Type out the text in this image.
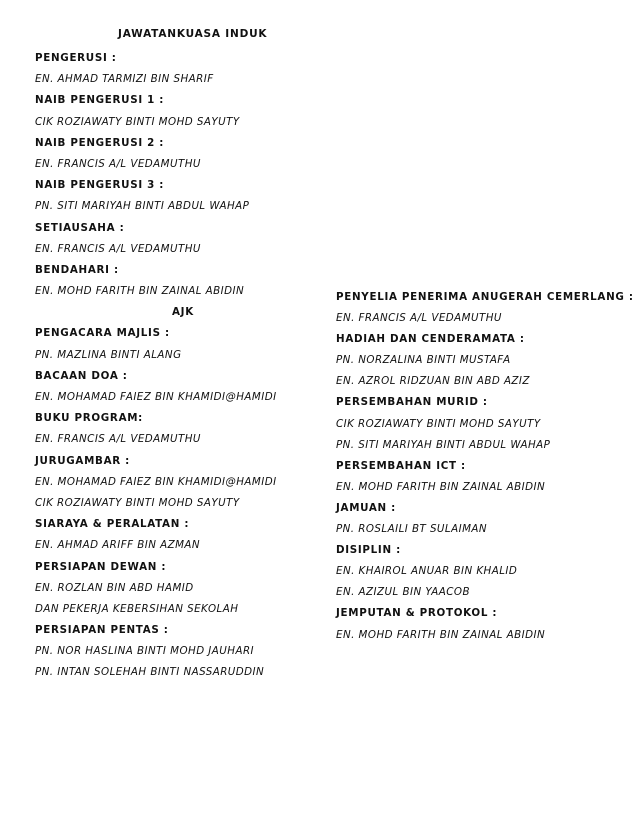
JAWATANKUASA INDUK
PENGERUSI :
EN. AHMAD TARMIZI BIN SHARIF
NAIB PENGERUSI 1 :
CIK ROZIAWATY BINTI MOHD SAYUTY
NAIB PENGERUSI 2 :
EN. FRANCIS A/L VEDAMUTHU
NAIB PENGERUSI 3 :
PN. SITI MARIYAH BINTI ABDUL WAHAP
SETIAUSAHA :
EN. FRANCIS A/L VEDAMUTHU
BENDAHARI :
EN. MOHD FARITH BIN ZAINAL ABIDIN
AJK
PENGACARA MAJLIS :
PN. MAZLINA BINTI ALANG
BACAAN DOA :
EN. MOHAMAD FAIEZ BIN KHAMIDI@HAMIDI
BUKU PROGRAM:
EN. FRANCIS A/L VEDAMUTHU
JURUGAMBAR :
EN. MOHAMAD FAIEZ BIN KHAMIDI@HAMIDI
CIK ROZIAWATY BINTI MOHD SAYUTY
SIARAYA & PERALATAN :
EN. AHMAD ARIFF BIN AZMAN
PERSIAPAN DEWAN :
EN. ROZLAN BIN ABD HAMID
DAN PEKERJA KEBERSIHAN SEKOLAH
PERSIAPAN PENTAS :
PN. NOR HASLINA BINTI MOHD JAUHARI
PN. INTAN SOLEHAH BINTI NASSARUDDIN
PENYELIA PENERIMA ANUGERAH CEMERLANG :
EN. FRANCIS A/L VEDAMUTHU
HADIAH DAN CENDERAMATA :
PN. NORZALINA BINTI MUSTAFA
EN. AZROL RIDZUAN BIN ABD AZIZ
PERSEMBAHAN MURID :
CIK ROZIAWATY BINTI MOHD SAYUTY
PN. SITI MARIYAH BINTI ABDUL WAHAP
PERSEMBAHAN ICT :
EN. MOHD FARITH BIN ZAINAL ABIDIN
JAMUAN :
PN. ROSLAILI BT SULAIMAN
DISIPLIN :
EN. KHAIROL ANUAR BIN KHALID
EN. AZIZUL BIN YAACOB
JEMPUTAN & PROTOKOL :
EN. MOHD FARITH BIN ZAINAL ABIDIN
